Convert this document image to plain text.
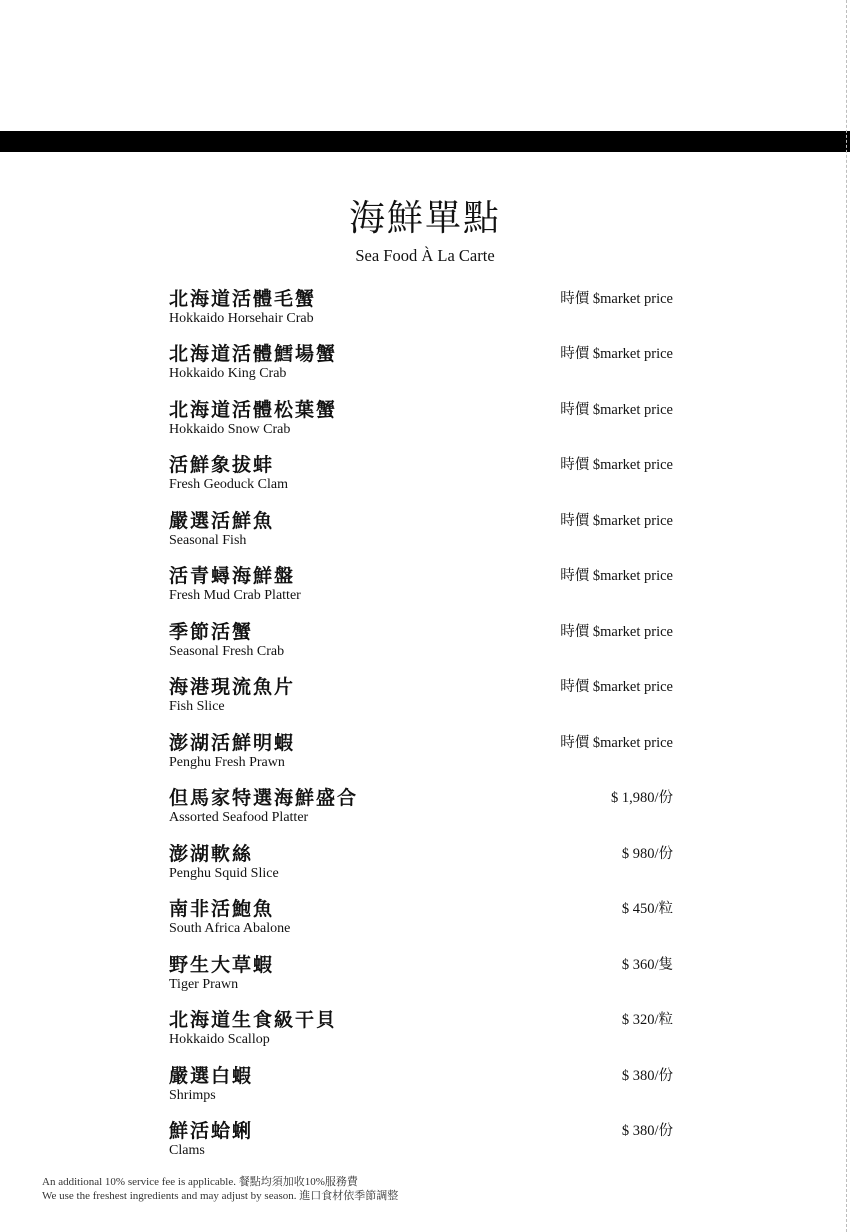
海鮮單點
Sea Food À La Carte
北海道活體毛蟹
Hokkaido Horsehair Crab
時價 $market price
北海道活體鱈場蟹
Hokkaido King Crab
時價 $market price
北海道活體松葉蟹
Hokkaido Snow Crab
時價 $market price
活鮮象拔蚌
Fresh Geoduck Clam
時價 $market price
嚴選活鮮魚
Seasonal Fish
時價 $market price
活青蟳海鮮盤
Fresh Mud Crab Platter
時價 $market price
季節活蟹
Seasonal Fresh Crab
時價 $market price
海港現流魚片
Fish Slice
時價 $market price
澎湖活鮮明蝦
Penghu Fresh Prawn
時價 $market price
但馬家特選海鮮盛合
Assorted Seafood Platter
$ 1,980/份
澎湖軟絲
Penghu Squid Slice
$ 980/份
南非活鮑魚
South Africa Abalone
$ 450/粒
野生大草蝦
Tiger Prawn
$ 360/隻
北海道生食級干貝
Hokkaido Scallop
$ 320/粒
嚴選白蝦
Shrimps
$ 380/份
鮮活蛤蜊
Clams
$ 380/份
An additional 10% service fee is applicable. 餐點均須加收10%服務費
We use the freshest ingredients and may adjust by season. 進口食材依季節調整
